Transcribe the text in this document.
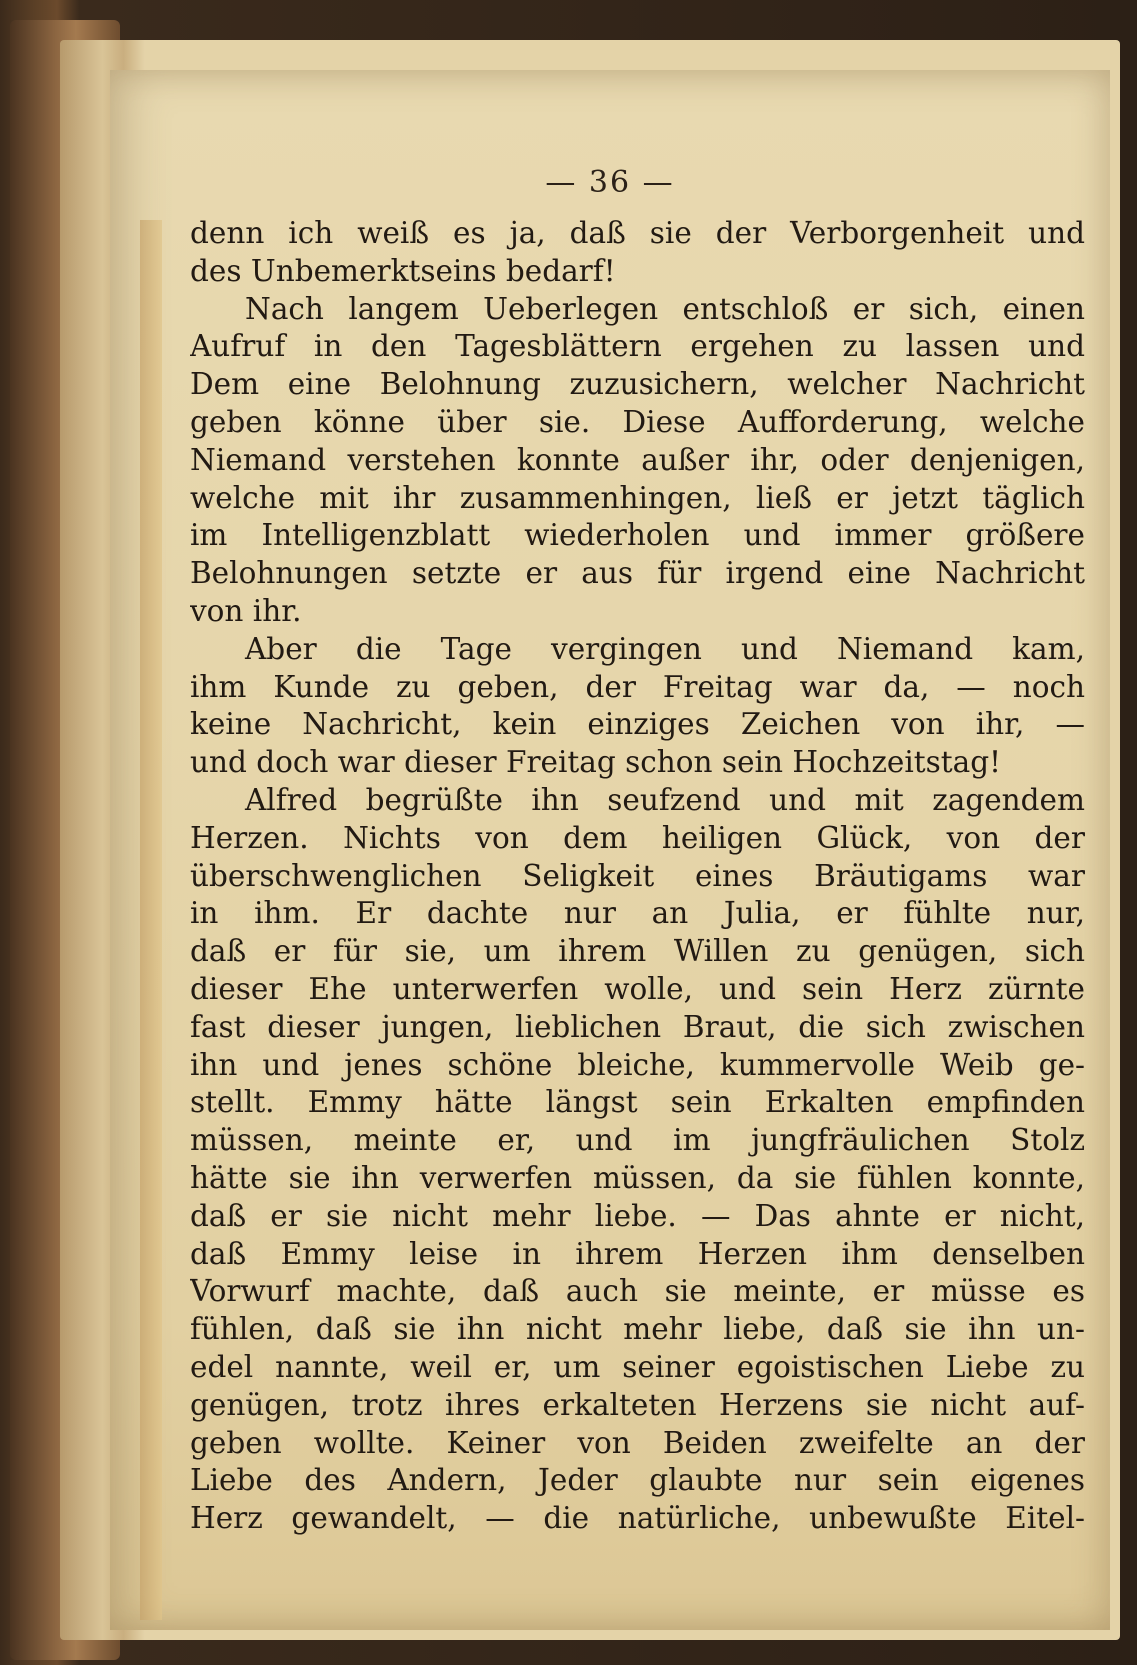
— 36 —
denn ich weiß es ja, daß sie der Verborgenheit und
des Unbemerktseins bedarf!
Nach langem Ueberlegen entschloß er sich, einen
Aufruf in den Tagesblättern ergehen zu lassen und
Dem eine Belohnung zuzusichern, welcher Nachricht
geben könne über sie. Diese Aufforderung, welche
Niemand verstehen konnte außer ihr, oder denjenigen,
welche mit ihr zusammenhingen, ließ er jetzt täglich
im Intelligenzblatt wiederholen und immer größere
Belohnungen setzte er aus für irgend eine Nachricht
von ihr.
Aber die Tage vergingen und Niemand kam,
ihm Kunde zu geben, der Freitag war da, — noch
keine Nachricht, kein einziges Zeichen von ihr, —
und doch war dieser Freitag schon sein Hochzeitstag!
Alfred begrüßte ihn seufzend und mit zagendem
Herzen. Nichts von dem heiligen Glück, von der
überschwenglichen Seligkeit eines Bräutigams war
in ihm. Er dachte nur an Julia, er fühlte nur,
daß er für sie, um ihrem Willen zu genügen, sich
dieser Ehe unterwerfen wolle, und sein Herz zürnte
fast dieser jungen, lieblichen Braut, die sich zwischen
ihn und jenes schöne bleiche, kummervolle Weib ge-
stellt. Emmy hätte längst sein Erkalten empfinden
müssen, meinte er, und im jungfräulichen Stolz
hätte sie ihn verwerfen müssen, da sie fühlen konnte,
daß er sie nicht mehr liebe. — Das ahnte er nicht,
daß Emmy leise in ihrem Herzen ihm denselben
Vorwurf machte, daß auch sie meinte, er müsse es
fühlen, daß sie ihn nicht mehr liebe, daß sie ihn un-
edel nannte, weil er, um seiner egoistischen Liebe zu
genügen, trotz ihres erkalteten Herzens sie nicht auf-
geben wollte. Keiner von Beiden zweifelte an der
Liebe des Andern, Jeder glaubte nur sein eigenes
Herz gewandelt, — die natürliche, unbewußte Eitel-
